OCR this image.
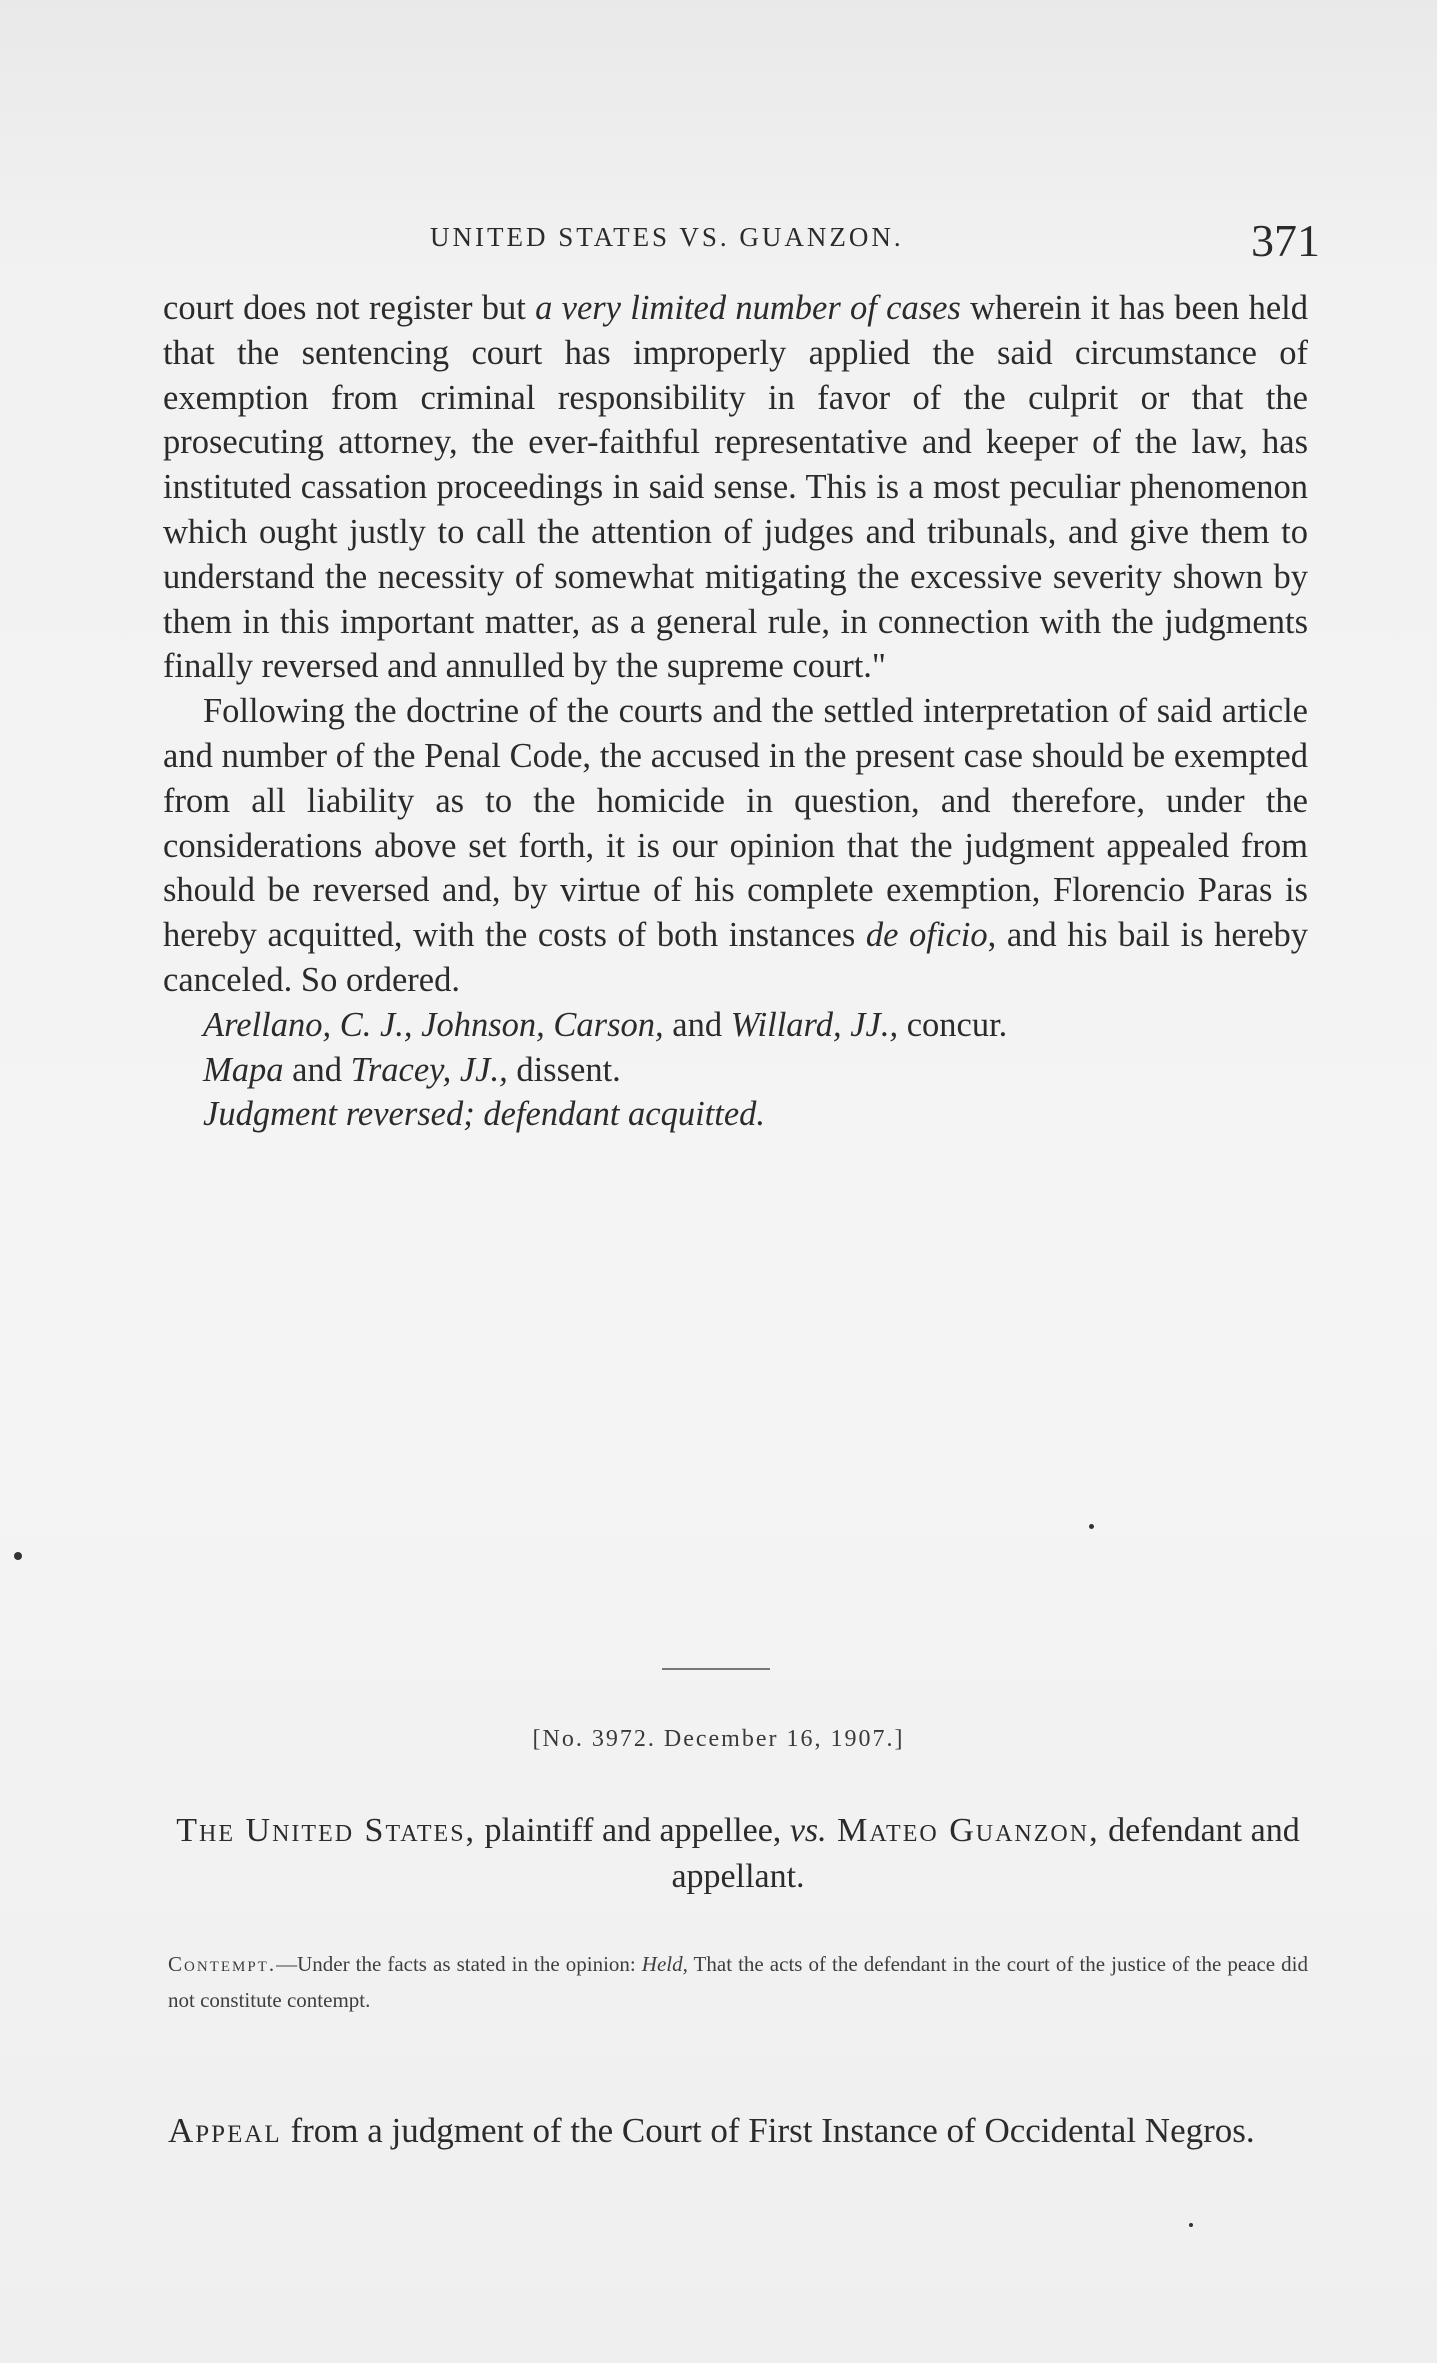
UNITED STATES VS. GUANZON.	371

court does not register but a very limited number of cases wherein it has been held that the sentencing court has improperly applied the said circumstance of exemption from criminal responsibility in favor of the culprit or that the prosecuting attorney, the ever-faithful representative and keeper of the law, has instituted cassation proceedings in said sense. This is a most peculiar phenomenon which ought justly to call the attention of judges and tribunals, and give them to understand the necessity of somewhat mitigating the excessive severity shown by them in this important matter, as a general rule, in connection with the judgments finally reversed and annulled by the supreme court."

Following the doctrine of the courts and the settled interpretation of said article and number of the Penal Code, the accused in the present case should be exempted from all liability as to the homicide in question, and therefore, under the considerations above set forth, it is our opinion that the judgment appealed from should be reversed and, by virtue of his complete exemption, Florencio Paras is hereby acquitted, with the costs of both instances de oficio, and his bail is hereby canceled. So ordered.

Arellano, C. J., Johnson, Carson, and Willard, JJ., concur.

Mapa and Tracey, JJ., dissent.

Judgment reversed; defendant acquitted.

[No. 3972. December 16, 1907.]
The United States, plaintiff and appellee, vs. Mateo Guanzon, defendant and appellant.
Contempt.—Under the facts as stated in the opinion: Held, That the acts of the defendant in the court of the justice of the peace did not constitute contempt.
Appeal from a judgment of the Court of First Instance of Occidental Negros.
